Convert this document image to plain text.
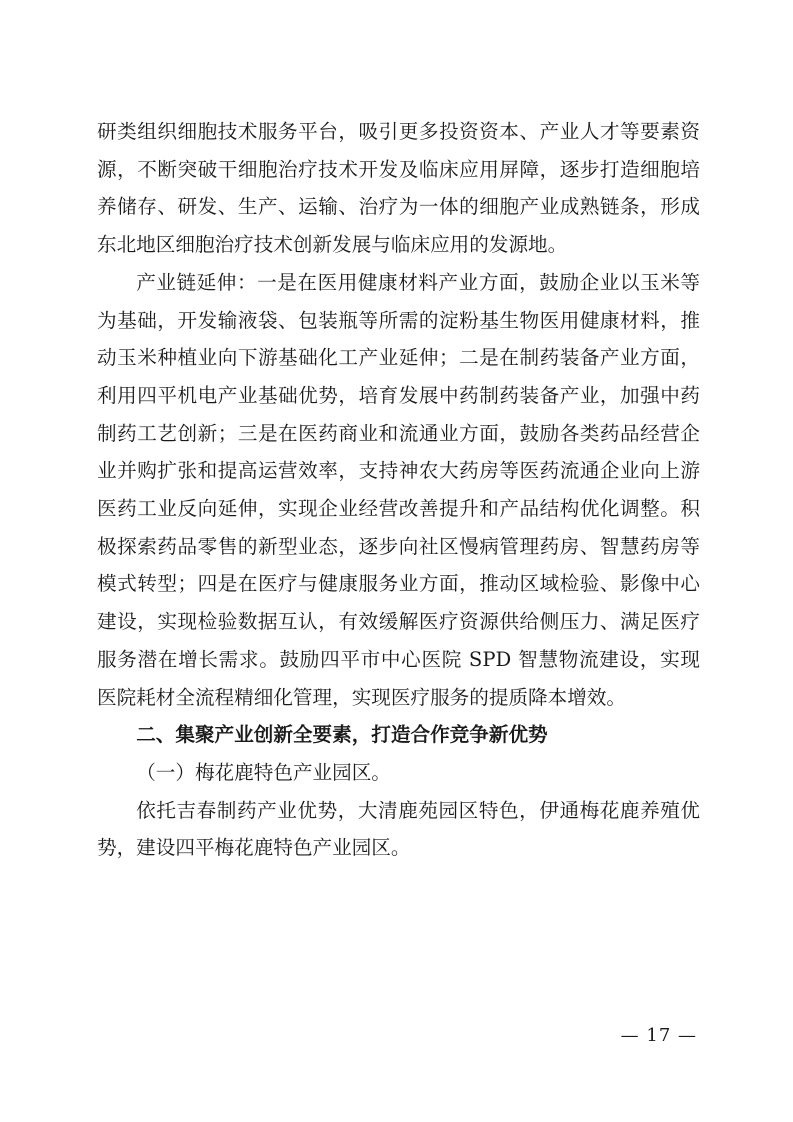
研类组织细胞技术服务平台，吸引更多投资资本、产业人才等要素资源，不断突破干细胞治疗技术开发及临床应用屏障，逐步打造细胞培养储存、研发、生产、运输、治疗为一体的细胞产业成熟链条，形成东北地区细胞治疗技术创新发展与临床应用的发源地。

产业链延伸：一是在医用健康材料产业方面，鼓励企业以玉米等为基础，开发输液袋、包装瓶等所需的淀粉基生物医用健康材料，推动玉米种植业向下游基础化工产业延伸；二是在制药装备产业方面，利用四平机电产业基础优势，培育发展中药制药装备产业，加强中药制药工艺创新；三是在医药商业和流通业方面，鼓励各类药品经营企业并购扩张和提高运营效率，支持神农大药房等医药流通企业向上游医药工业反向延伸，实现企业经营改善提升和产品结构优化调整。积极探索药品零售的新型业态，逐步向社区慢病管理药房、智慧药房等模式转型；四是在医疗与健康服务业方面，推动区域检验、影像中心建设，实现检验数据互认，有效缓解医疗资源供给侧压力、满足医疗服务潜在增长需求。鼓励四平市中心医院 SPD 智慧物流建设，实现医院耗材全流程精细化管理，实现医疗服务的提质降本增效。

二、集聚产业创新全要素，打造合作竞争新优势

（一）梅花鹿特色产业园区。

依托吉春制药产业优势，大清鹿苑园区特色，伊通梅花鹿养殖优势，建设四平梅花鹿特色产业园区。

— 17 —
